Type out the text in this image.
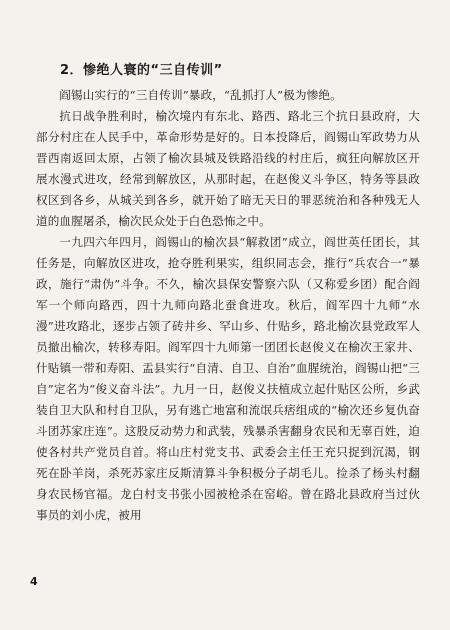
2．惨绝人寰的“三自传训”

阎锡山实行的“三自传训”暴政，“乱抓打人”极为惨绝。

抗日战争胜利时，榆次境内有东北、路西、路北三个抗日县政府，大部分村庄在人民手中，革命形势是好的。日本投降后，阎锡山军政势力从晋西南返回太原，占领了榆次县城及铁路沿线的村庄后，疯狂向解放区开展水漫式进攻，经常到解放区，从那时起，在赵俊义斗争区，特务等县政权区到各乡，从城关到各乡，就开始了暗无天日的罪恶统治和各种残无人道的血腥屠杀，榆次民众处于白色恐怖之中。

一九四六年四月，阎锡山的榆次县“解救团”成立，阎世英任团长，其任务是，向解放区进攻，抢夺胜利果实，组织同志会，推行“兵农合一”暴政，施行“肃伪”斗争。不久，榆次县保安警察六队（又称爱乡团）配合阎军一个师向路西，四十九师向路北蚕食进攻。秋后，阎军四十九师“水漫”进攻路北，逐步占领了砖井乡、罕山乡、什贴乡，路北榆次县党政军人员撤出榆次，转移寿阳。阎军四十九师第一团团长赵俊义在榆次王家井、什贴镇一带和寿阳、盂县实行“自清、自卫、自治”血腥统治，阎锡山把“三自”定名为“俊义奋斗法”。九月一日，赵俊义扶植成立起什贴区公所，乡武装自卫大队和村自卫队，另有逃亡地富和流氓兵痞组成的“榆次还乡复仇奋斗团苏家庄连”。这股反动势力和武装，残暴杀害翻身农民和无辜百姓，迫使各村共产党员自首。将山庄村党支书、武委会主任王充只捉到沉渴，钢死在卧羊岗，杀死苏家庄反斯清算斗争积极分子胡毛儿。捡杀了杨头村翻身农民杨官福。龙白村支书张小园被枪杀在窑峪。曾在路北县政府当过伙事员的刘小虎，被用

4
